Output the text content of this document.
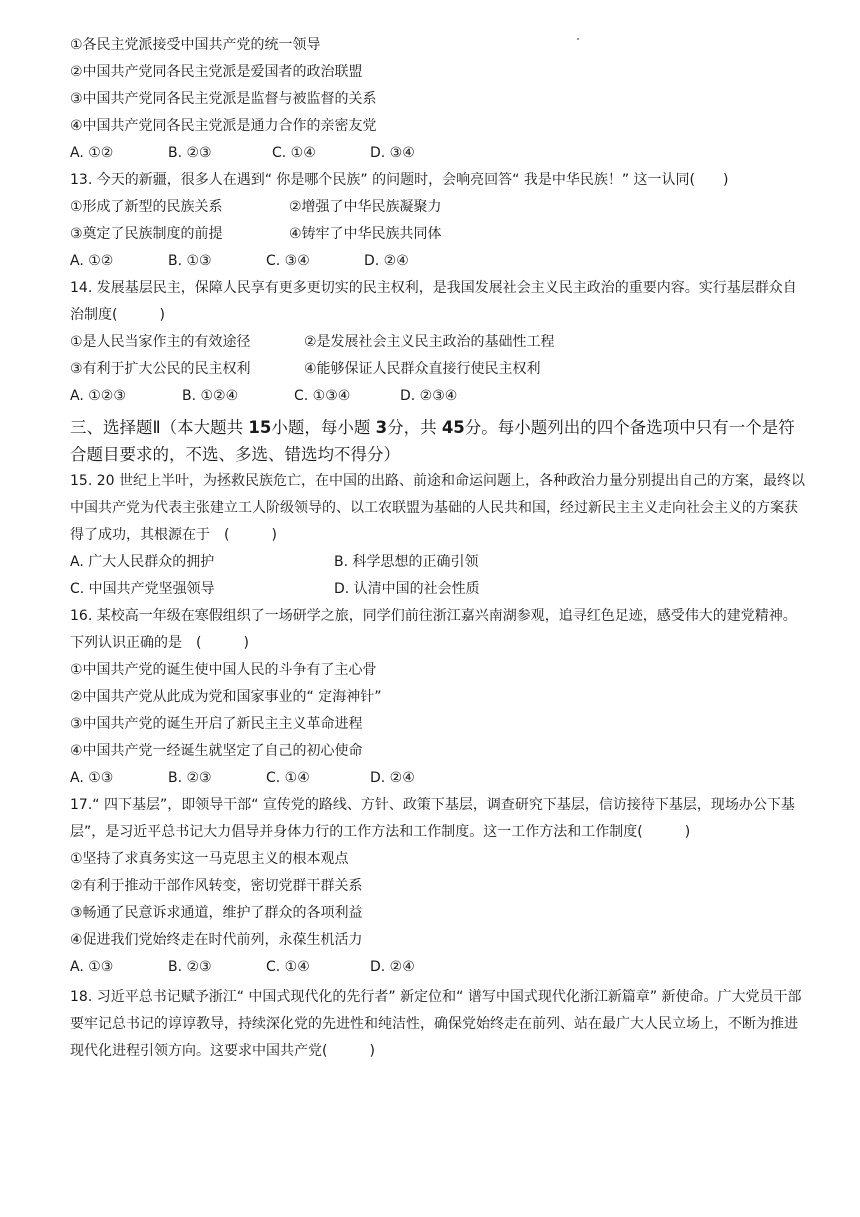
①各民主党派接受中国共产党的统一领导
②中国共产党同各民主党派是爱国者的政治联盟
③中国共产党同各民主党派是监督与被监督的关系
④中国共产党同各民主党派是通力合作的亲密友党
A. ①②	B. ②③	C. ①④	D. ③④
13. 今天的新疆，很多人在遇到“ 你是哪个民族” 的问题时，会响亮回答“ 我是中华民族！” 这一认同(　　)
①形成了新型的民族关系	②增强了中华民族凝聚力
③奠定了民族制度的前提	④铸牢了中华民族共同体
A. ①②	B. ①③	C. ③④	D. ②④
14. 发展基层民主，保障人民享有更多更切实的民主权利，是我国发展社会主义民主政治的重要内容。实行基层群众自治制度(　　　)
①是人民当家作主的有效途径	②是发展社会主义民主政治的基础性工程
③有利于扩大公民的民主权利	④能够保证人民群众直接行使民主权利
A. ①②③	B. ①②④	C. ①③④	D. ②③④
三、选择题Ⅱ（本大题共 15小题，每小题 3分，共 45分。每小题列出的四个备选项中只有一个是符合题目要求的，不选、多选、错选均不得分）
15. 20 世纪上半叶，为拯救民族危亡，在中国的出路、前途和命运问题上，各种政治力量分别提出自己的方案，最终以中国共产党为代表主张建立工人阶级领导的、以工农联盟为基础的人民共和国，经过新民主主义走向社会主义的方案获得了成功，其根源在于　(　　　)
A. 广大人民群众的拥护	B. 科学思想的正确引领
C. 中国共产党坚强领导	D. 认清中国的社会性质
16. 某校高一年级在寒假组织了一场研学之旅，同学们前往浙江嘉兴南湖参观，追寻红色足迹，感受伟大的建党精神。下列认识正确的是　(　　　)
①中国共产党的诞生使中国人民的斗争有了主心骨
②中国共产党从此成为党和国家事业的“ 定海神针”
③中国共产党的诞生开启了新民主主义革命进程
④中国共产党一经诞生就坚定了自己的初心使命
A. ①③	B. ②③	C. ①④	D. ②④
17.“ 四下基层”，即领导干部“ 宣传党的路线、方针、政策下基层，调查研究下基层，信访接待下基层，现场办公下基层”，是习近平总书记大力倡导并身体力行的工作方法和工作制度。这一工作方法和工作制度(　　　)
①坚持了求真务实这一马克思主义的根本观点
②有利于推动干部作风转变，密切党群干群关系
③畅通了民意诉求通道，维护了群众的各项利益
④促进我们党始终走在时代前列，永葆生机活力
A. ①③	B. ②③	C. ①④	D. ②④
18. 习近平总书记赋予浙江“ 中国式现代化的先行者” 新定位和“ 谱写中国式现代化浙江新篇章” 新使命。广大党员干部要牢记总书记的谆谆教导，持续深化党的先进性和纯洁性，确保党始终走在前列、站在最广大人民立场上，不断为推进现代化进程引领方向。这要求中国共产党(　　　)
